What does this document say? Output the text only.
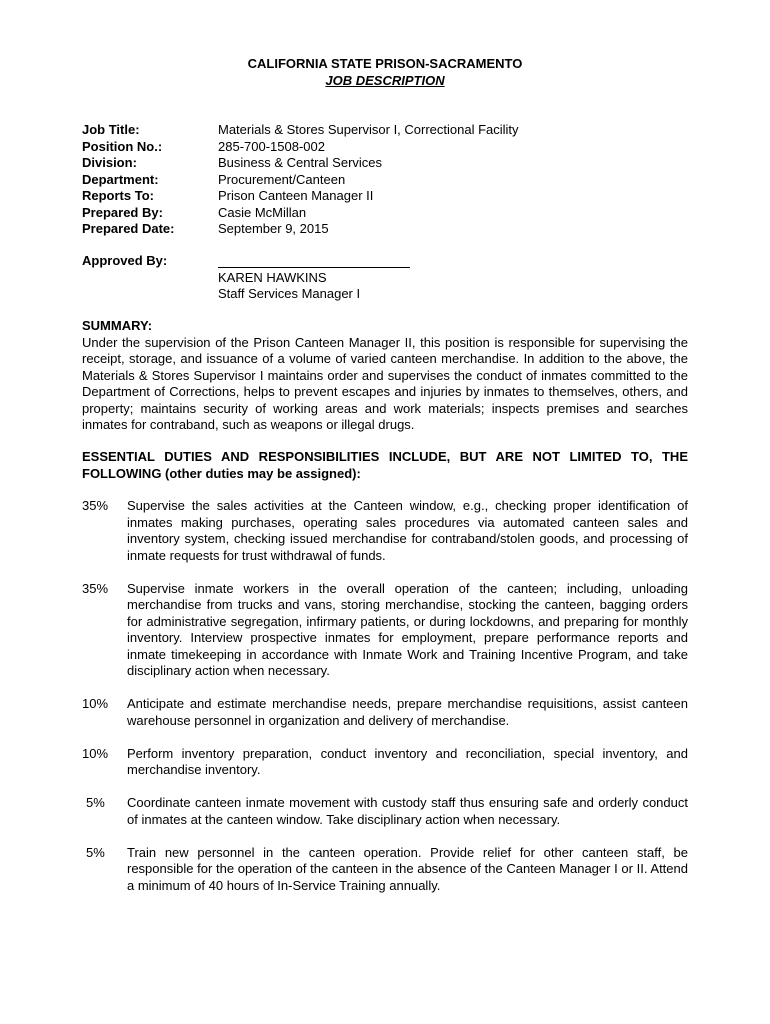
CALIFORNIA STATE PRISON-SACRAMENTO
JOB DESCRIPTION
Job Title:	Materials & Stores Supervisor I, Correctional Facility
Position No.:	285-700-1508-002
Division:	Business & Central Services
Department:	Procurement/Canteen
Reports To:	Prison Canteen Manager II
Prepared By:	Casie McMillan
Prepared Date:	September 9, 2015
Approved By:
KAREN HAWKINS
Staff Services Manager I
SUMMARY:
Under the supervision of the Prison Canteen Manager II, this position is responsible for supervising the receipt, storage, and issuance of a volume of varied canteen merchandise. In addition to the above, the Materials & Stores Supervisor I maintains order and supervises the conduct of inmates committed to the Department of Corrections, helps to prevent escapes and injuries by inmates to themselves, others, and property; maintains security of working areas and work materials; inspects premises and searches inmates for contraband, such as weapons or illegal drugs.
ESSENTIAL DUTIES AND RESPONSIBILITIES INCLUDE, BUT ARE NOT LIMITED TO, THE FOLLOWING (other duties may be assigned):
35%	Supervise the sales activities at the Canteen window, e.g., checking proper identification of inmates making purchases, operating sales procedures via automated canteen sales and inventory system, checking issued merchandise for contraband/stolen goods, and processing of inmate requests for trust withdrawal of funds.
35%	Supervise inmate workers in the overall operation of the canteen; including, unloading merchandise from trucks and vans, storing merchandise, stocking the canteen, bagging orders for administrative segregation, infirmary patients, or during lockdowns, and preparing for monthly inventory. Interview prospective inmates for employment, prepare performance reports and inmate timekeeping in accordance with Inmate Work and Training Incentive Program, and take disciplinary action when necessary.
10%	Anticipate and estimate merchandise needs, prepare merchandise requisitions, assist canteen warehouse personnel in organization and delivery of merchandise.
10%	Perform inventory preparation, conduct inventory and reconciliation, special inventory, and merchandise inventory.
5%	Coordinate canteen inmate movement with custody staff thus ensuring safe and orderly conduct of inmates at the canteen window. Take disciplinary action when necessary.
5%	Train new personnel in the canteen operation. Provide relief for other canteen staff, be responsible for the operation of the canteen in the absence of the Canteen Manager I or II. Attend a minimum of 40 hours of In-Service Training annually.
